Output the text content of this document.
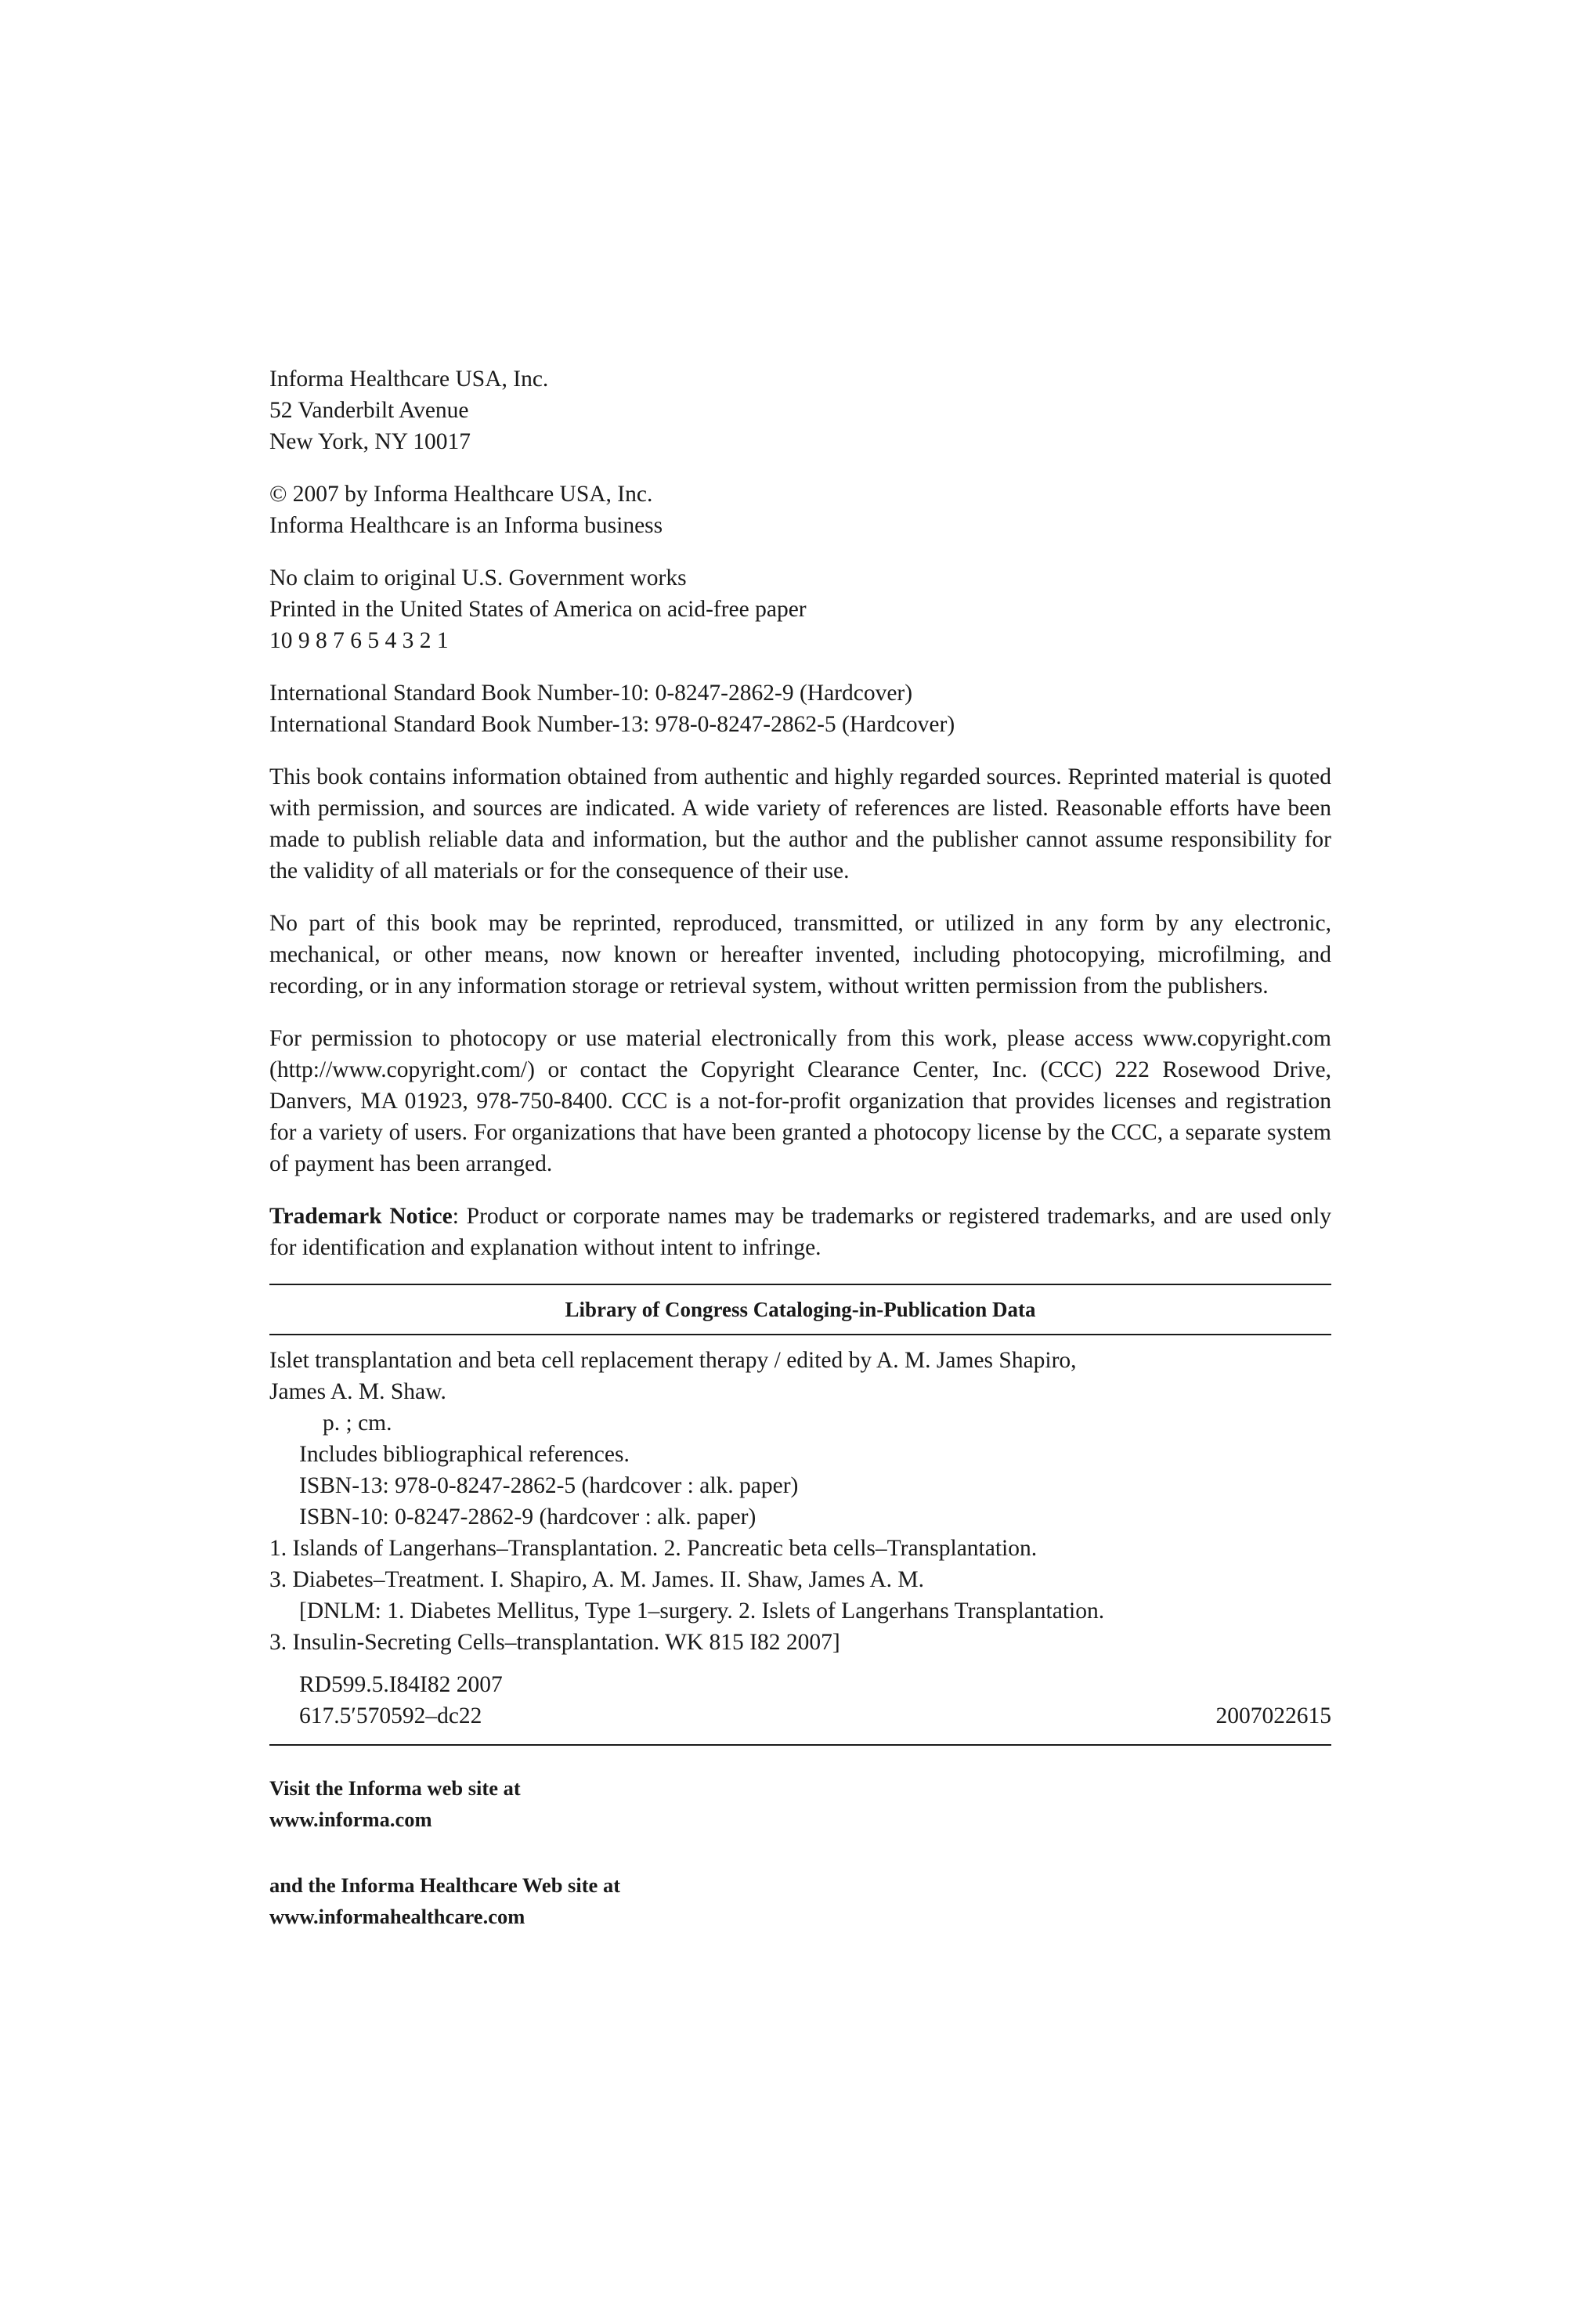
Informa Healthcare USA, Inc.
52 Vanderbilt Avenue
New York, NY 10017
© 2007 by Informa Healthcare USA, Inc.
Informa Healthcare is an Informa business
No claim to original U.S. Government works
Printed in the United States of America on acid-free paper
10 9 8 7 6 5 4 3 2 1
International Standard Book Number-10: 0-8247-2862-9 (Hardcover)
International Standard Book Number-13: 978-0-8247-2862-5 (Hardcover)

This book contains information obtained from authentic and highly regarded sources. Reprinted material is quoted with permission, and sources are indicated. A wide variety of references are listed. Reasonable efforts have been made to publish reliable data and information, but the author and the publisher cannot assume responsibility for the validity of all materials or for the consequence of their use.

No part of this book may be reprinted, reproduced, transmitted, or utilized in any form by any electronic, mechanical, or other means, now known or hereafter invented, including photocopying, microfilming, and recording, or in any information storage or retrieval system, without written permission from the publishers.

For permission to photocopy or use material electronically from this work, please access www.copyright.com (http://www.copyright.com/) or contact the Copyright Clearance Center, Inc. (CCC) 222 Rosewood Drive, Danvers, MA 01923, 978-750-8400. CCC is a not-for-profit organization that provides licenses and registration for a variety of users. For organizations that have been granted a photocopy license by the CCC, a separate system of payment has been arranged.

Trademark Notice: Product or corporate names may be trademarks or registered trademarks, and are used only for identification and explanation without intent to infringe.

Library of Congress Cataloging-in-Publication Data
Islet transplantation and beta cell replacement therapy / edited by A. M. James Shapiro,
James A. M. Shaw.
p. ; cm.
Includes bibliographical references.
ISBN-13: 978-0-8247-2862-5 (hardcover : alk. paper)
ISBN-10: 0-8247-2862-9 (hardcover : alk. paper)
1. Islands of Langerhans–Transplantation. 2. Pancreatic beta cells–Transplantation.
3. Diabetes–Treatment. I. Shapiro, A. M. James. II. Shaw, James A. M.
[DNLM: 1. Diabetes Mellitus, Type 1–surgery. 2. Islets of Langerhans Transplantation.
3. Insulin-Secreting Cells–transplantation. WK 815 I82 2007]
RD599.5.I84I82 2007
617.5′570592–dc22	2007022615
Visit the Informa web site at
www.informa.com
and the Informa Healthcare Web site at
www.informahealthcare.com
